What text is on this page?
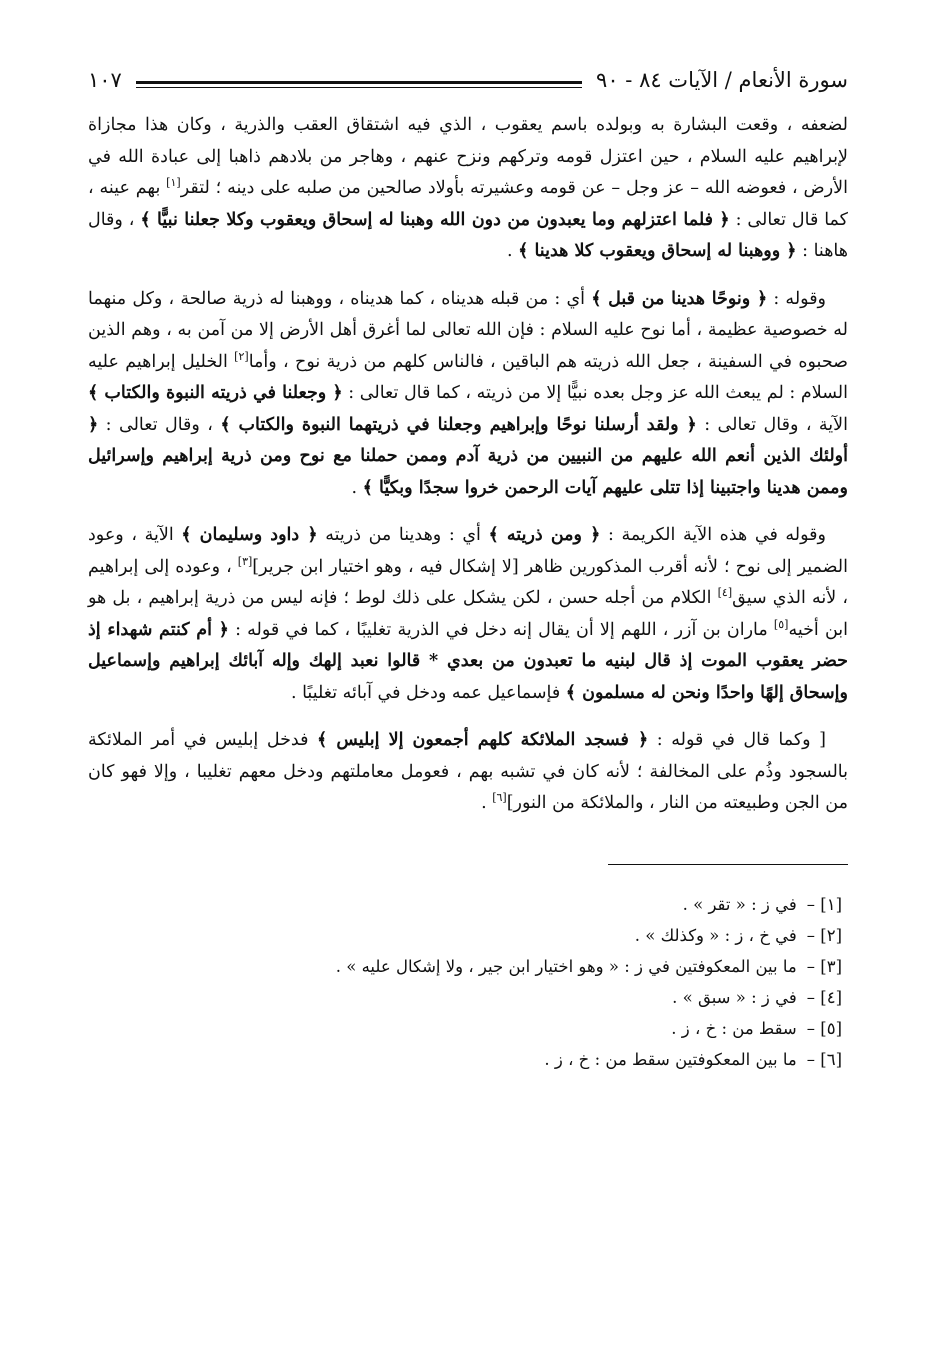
سورة الأنعام / الآيات ٨٤ - ٩٠
١٠٧

لضعفه ، وقعت البشارة به وبولده باسم يعقوب ، الذي فيه اشتقاق العقب والذرية ، وكان هذا مجازاة لإبراهيم عليه السلام ، حين اعتزل قومه وتركهم ونزح عنهم ، وهاجر من بلادهم ذاهبا إلى عبادة الله في الأرض ، فعوضه الله – عز وجل – عن قومه وعشيرته بأولاد صالحين من صلبه على دينه ؛ لتقر[١] بهم عينه ، كما قال تعالى : ﴿ فلما اعتزلهم وما يعبدون من دون الله وهبنا له إسحاق ويعقوب وكلا جعلنا نبيًّا ﴾ ، وقال هاهنا : ﴿ ووهبنا له إسحاق ويعقوب كلا هدينا ﴾ .

وقوله : ﴿ ونوحًا هدينا من قبل ﴾ أي : من قبله هديناه ، كما هديناه ، ووهبنا له ذرية صالحة ، وكل منهما له خصوصية عظيمة ، أما نوح عليه السلام : فإن الله تعالى لما أغرق أهل الأرض إلا من آمن به ، وهم الذين صحبوه في السفينة ، جعل الله ذريته هم الباقين ، فالناس كلهم من ذرية نوح ، وأما[٢] الخليل إبراهيم عليه السلام : لم يبعث الله عز وجل بعده نبيًّا إلا من ذريته ، كما قال تعالى : ﴿ وجعلنا في ذريته النبوة والكتاب ﴾ الآية ، وقال تعالى : ﴿ ولقد أرسلنا نوحًا وإبراهيم وجعلنا في ذريتهما النبوة والكتاب ﴾ ، وقال تعالى : ﴿ أولئك الذين أنعم الله عليهم من النبيين من ذرية آدم وممن حملنا مع نوح ومن ذرية إبراهيم وإسرائيل وممن هدينا واجتبينا إذا تتلى عليهم آيات الرحمن خروا سجدًا وبكيًّا ﴾ .

وقوله في هذه الآية الكريمة : ﴿ ومن ذريته ﴾ أي : وهدينا من ذريته ﴿ داود وسليمان ﴾ الآية ، وعود الضمير إلى نوح ؛ لأنه أقرب المذكورين ظاهر [لا إشكال فيه ، وهو اختيار ابن جرير][٣] ، وعوده إلى إبراهيم ، لأنه الذي سيق[٤] الكلام من أجله حسن ، لكن يشكل على ذلك لوط ؛ فإنه ليس من ذرية إبراهيم ، بل هو ابن أخيه[٥] ماران بن آزر ، اللهم إلا أن يقال إنه دخل في الذرية تغليبًا ، كما في قوله : ﴿ أم كنتم شهداء إذ حضر يعقوب الموت إذ قال لبنيه ما تعبدون من بعدي * قالوا نعبد إلهك وإله آبائك إبراهيم وإسماعيل وإسحاق إلهًا واحدًا ونحن له مسلمون ﴾ فإسماعيل عمه ودخل في آبائه تغليبًا .

[ وكما قال في قوله : ﴿ فسجد الملائكة كلهم أجمعون إلا إبليس ﴾ فدخل إبليس في أمر الملائكة بالسجود وذُم على المخالفة ؛ لأنه كان في تشبه بهم ، فعومل معاملتهم ودخل معهم تغليبا ، وإلا فهو كان من الجن وطبيعته من النار ، والملائكة من النور][٦] .

[١] –
في ز : « تقر » .
[٢] –
في خ ، ز : « وكذلك » .
[٣] –
ما بين المعكوفتين في ز : « وهو اختيار ابن جير ، ولا إشكال عليه » .
[٤] –
في ز : « سبق » .
[٥] –
سقط من : خ ، ز .
[٦] –
ما بين المعكوفتين سقط من : خ ، ز .
